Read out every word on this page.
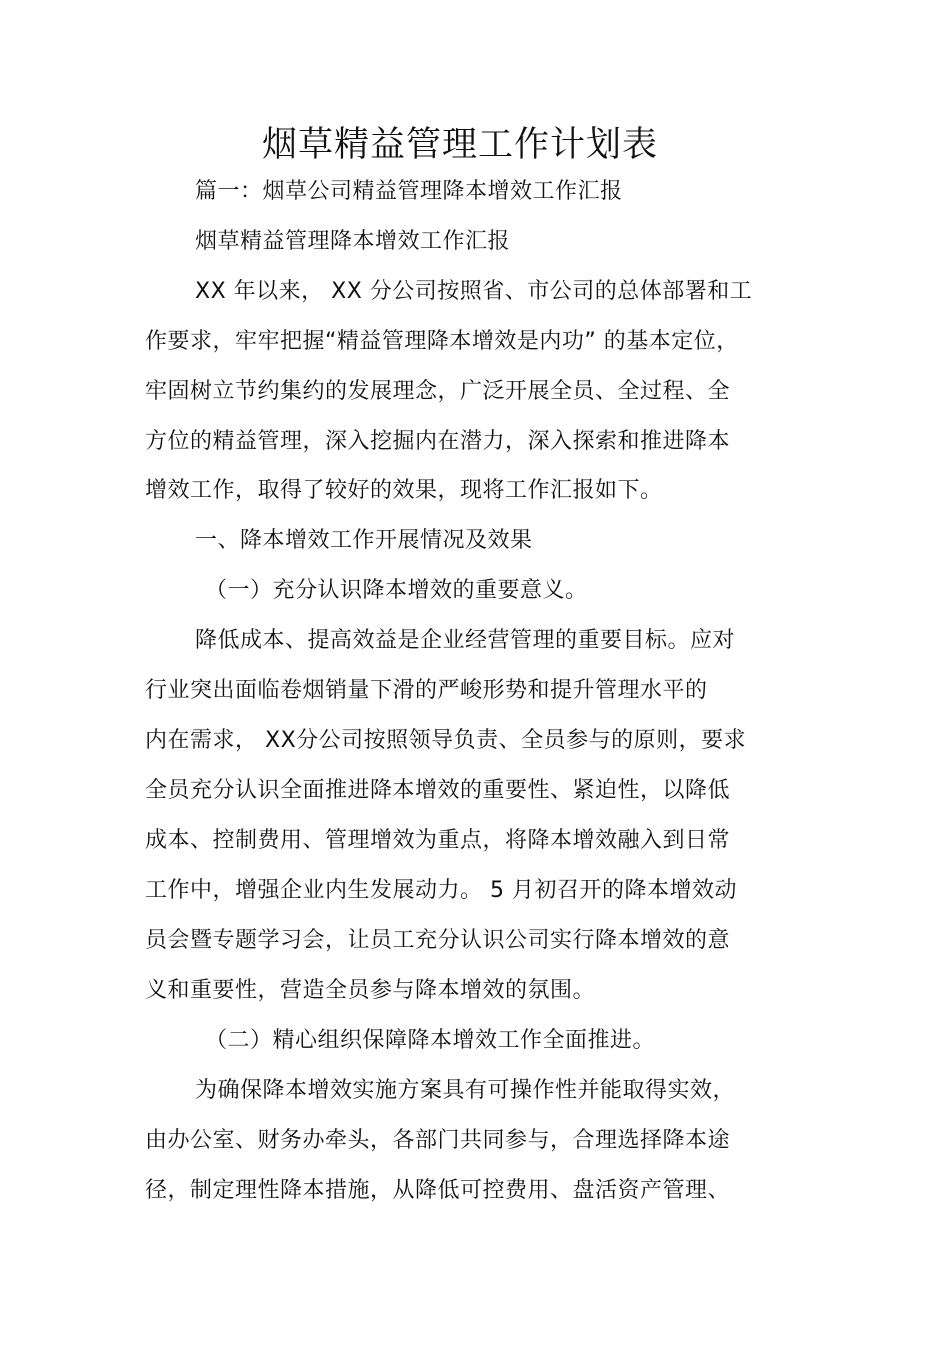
烟草精益管理工作计划表
篇一：烟草公司精益管理降本增效工作汇报
烟草精益管理降本增效工作汇报
XX 年以来， XX 分公司按照省、市公司的总体部署和工
作要求，牢牢把握“精益管理降本增效是内功” 的基本定位，
牢固树立节约集约的发展理念，广泛开展全员、全过程、全
方位的精益管理，深入挖掘内在潜力，深入探索和推进降本
增效工作，取得了较好的效果，现将工作汇报如下。
一、降本增效工作开展情况及效果
（一）充分认识降本增效的重要意义。
降低成本、提高效益是企业经营管理的重要目标。应对
行业突出面临卷烟销量下滑的严峻形势和提升管理水平的
内在需求， XX分公司按照领导负责、全员参与的原则，要求
全员充分认识全面推进降本增效的重要性、紧迫性，以降低
成本、控制费用、管理增效为重点，将降本增效融入到日常
工作中，增强企业内生发展动力。 5 月初召开的降本增效动
员会暨专题学习会，让员工充分认识公司实行降本增效的意
义和重要性，营造全员参与降本增效的氛围。
（二）精心组织保障降本增效工作全面推进。
为确保降本增效实施方案具有可操作性并能取得实效，
由办公室、财务办牵头，各部门共同参与，合理选择降本途
径，制定理性降本措施，从降低可控费用、盘活资产管理、
